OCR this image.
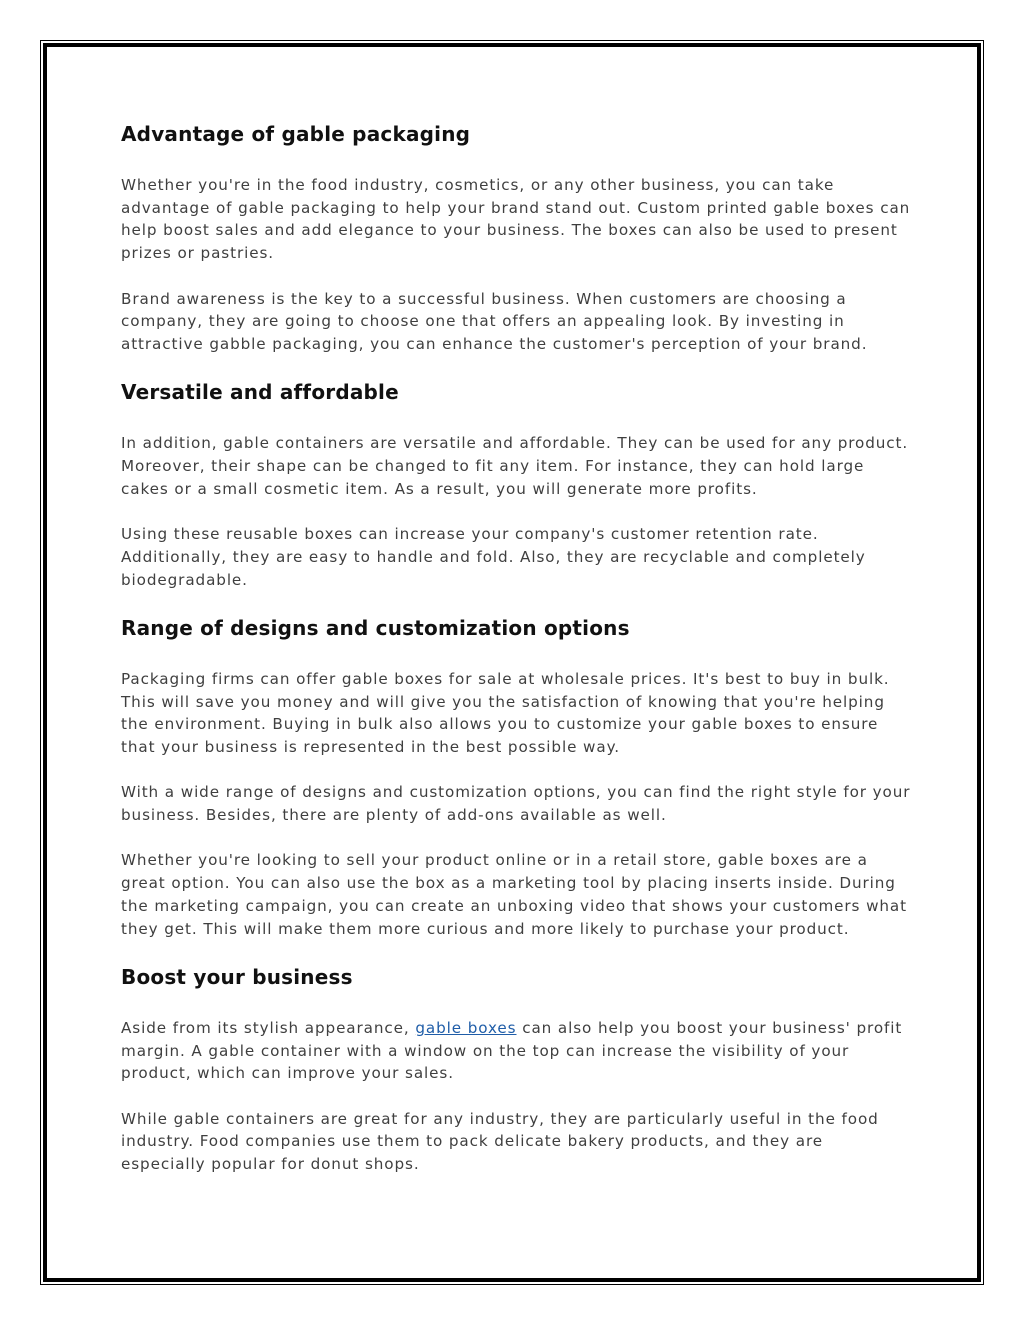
Advantage of gable packaging

Whether you're in the food industry, cosmetics, or any other business, you can take advantage of gable packaging to help your brand stand out. Custom printed gable boxes can help boost sales and add elegance to your business. The boxes can also be used to present prizes or pastries.

Brand awareness is the key to a successful business. When customers are choosing a company, they are going to choose one that offers an appealing look. By investing in attractive gabble packaging, you can enhance the customer's perception of your brand.

Versatile and affordable

In addition, gable containers are versatile and affordable. They can be used for any product. Moreover, their shape can be changed to fit any item. For instance, they can hold large cakes or a small cosmetic item. As a result, you will generate more profits.

Using these reusable boxes can increase your company's customer retention rate. Additionally, they are easy to handle and fold. Also, they are recyclable and completely biodegradable.

Range of designs and customization options

Packaging firms can offer gable boxes for sale at wholesale prices. It's best to buy in bulk. This will save you money and will give you the satisfaction of knowing that you're helping the environment. Buying in bulk also allows you to customize your gable boxes to ensure that your business is represented in the best possible way.

With a wide range of designs and customization options, you can find the right style for your business. Besides, there are plenty of add-ons available as well.

Whether you're looking to sell your product online or in a retail store, gable boxes are a great option. You can also use the box as a marketing tool by placing inserts inside. During the marketing campaign, you can create an unboxing video that shows your customers what they get. This will make them more curious and more likely to purchase your product.

Boost your business

Aside from its stylish appearance, gable boxes can also help you boost your business' profit margin. A gable container with a window on the top can increase the visibility of your product, which can improve your sales.

While gable containers are great for any industry, they are particularly useful in the food industry. Food companies use them to pack delicate bakery products, and they are especially popular for donut shops.
